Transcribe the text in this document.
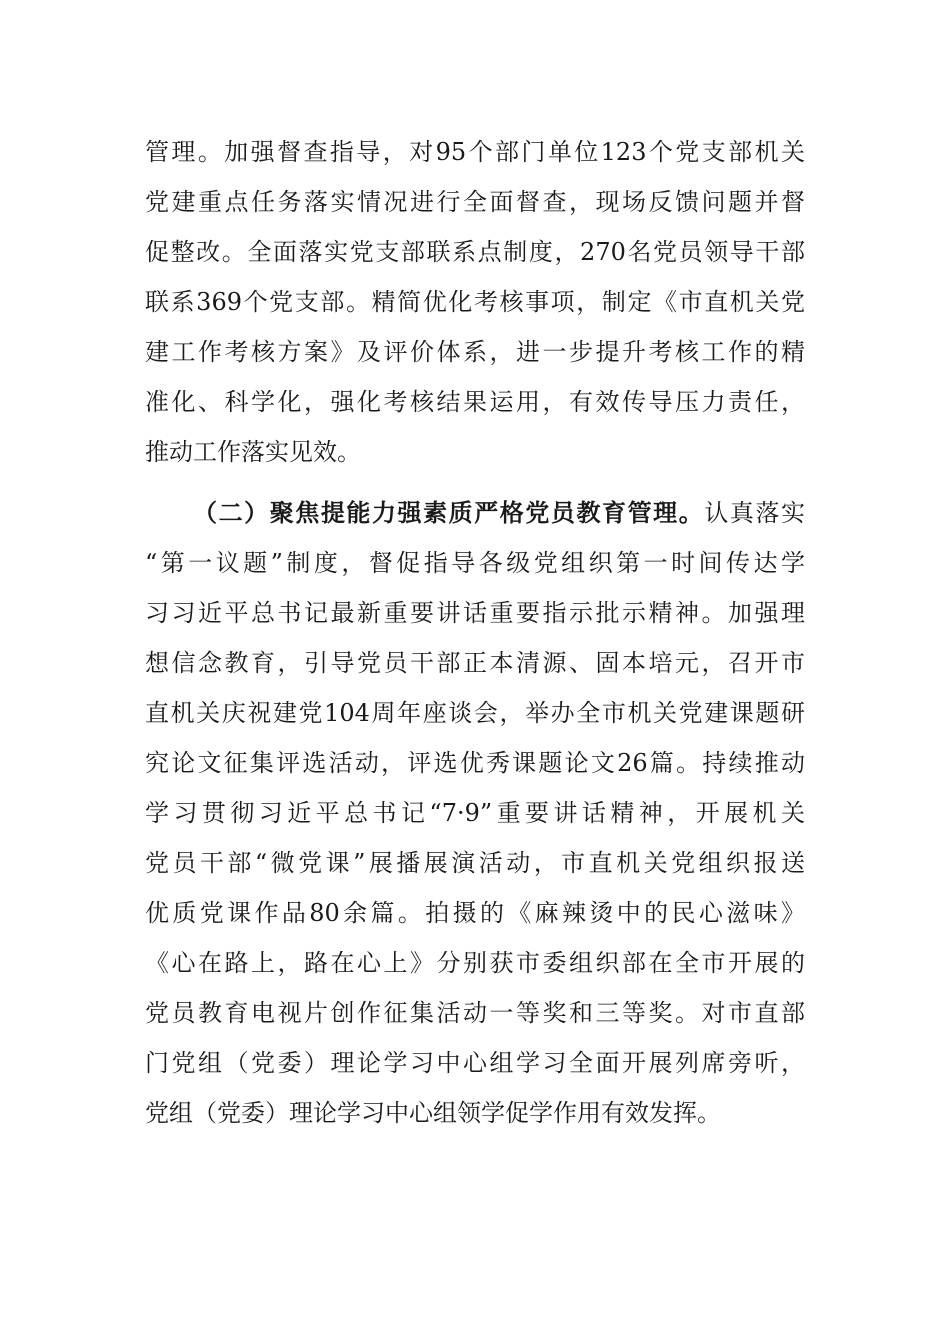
管理。加强督查指导，对95个部门单位123个党支部机关
党建重点任务落实情况进行全面督查，现场反馈问题并督
促整改。全面落实党支部联系点制度，270名党员领导干部
联系369个党支部。精简优化考核事项，制定《市直机关党
建工作考核方案》及评价体系，进一步提升考核工作的精
准化、科学化，强化考核结果运用，有效传导压力责任，
推动工作落实见效。
（二）聚焦提能力强素质严格党员教育管理。认真落实
“第一议题”制度，督促指导各级党组织第一时间传达学
习习近平总书记最新重要讲话重要指示批示精神。加强理
想信念教育，引导党员干部正本清源、固本培元，召开市
直机关庆祝建党104周年座谈会，举办全市机关党建课题研
究论文征集评选活动，评选优秀课题论文26篇。持续推动
学习贯彻习近平总书记“7·9”重要讲话精神，开展机关
党员干部“微党课”展播展演活动，市直机关党组织报送
优质党课作品80余篇。拍摄的《麻辣烫中的民心滋味》
《心在路上，路在心上》分别获市委组织部在全市开展的
党员教育电视片创作征集活动一等奖和三等奖。对市直部
门党组（党委）理论学习中心组学习全面开展列席旁听，
党组（党委）理论学习中心组领学促学作用有效发挥。
